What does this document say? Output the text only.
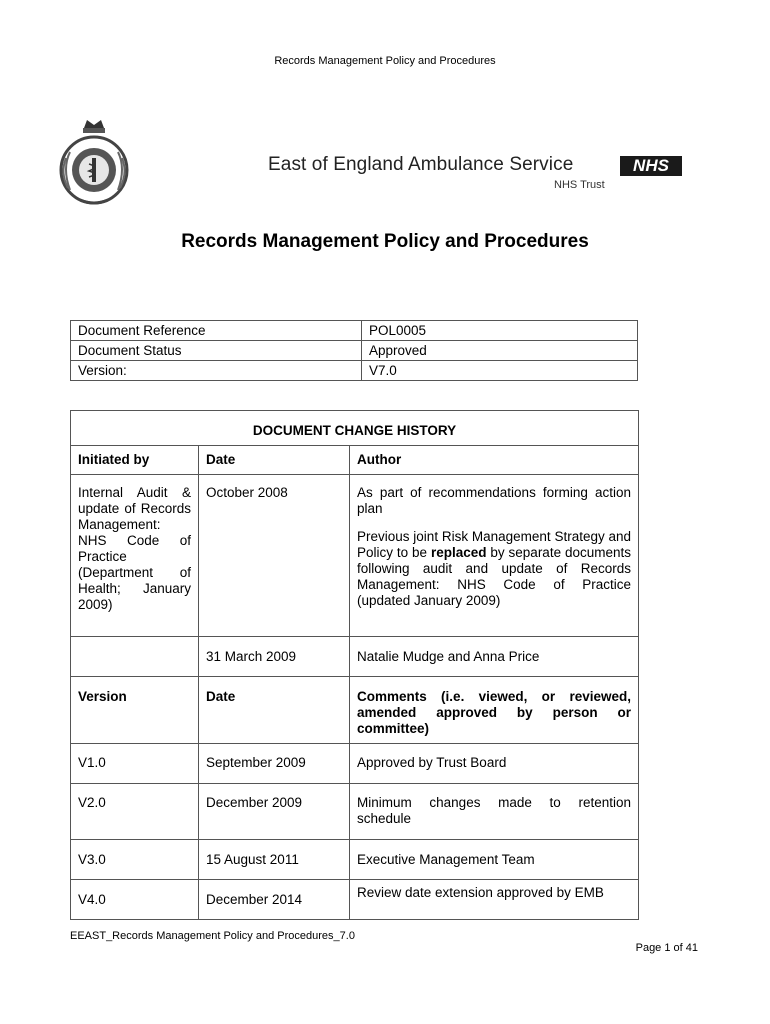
Records Management Policy and Procedures
East of England Ambulance Service	NHS
NHS Trust
Records Management Policy and Procedures
Document Reference	POL0005
Document Status	Approved
Version:	V7.0
DOCUMENT CHANGE HISTORY		
Initiated by	Date	Author
Internal Audit & update of Records Management: NHS Code of Practice (Department of Health; January 2009)	October 2008	As part of recommendations forming action plan
Previous joint Risk Management Strategy and Policy to be replaced by separate documents following audit and update of Records Management: NHS Code of Practice (updated January 2009)

	31 March 2009	Natalie Mudge and Anna Price
Version	Date	Comments (i.e. viewed, or reviewed, amended approved by person or committee)
V1.0	September 2009	Approved by Trust Board
V2.0	December 2009	Minimum changes made to retention schedule
V3.0	15 August 2011	Executive Management Team
V4.0	December 2014	Review date extension approved by EMB
EEAST_Records Management Policy and Procedures_7.0
Page 1 of 41
